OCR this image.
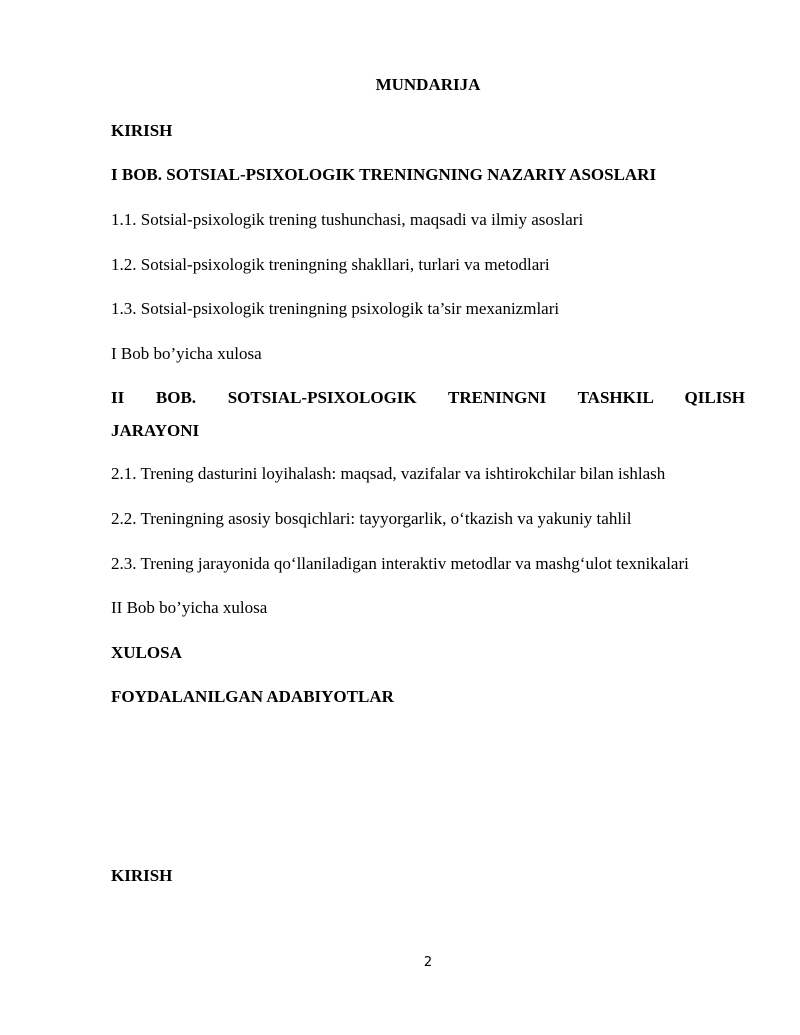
MUNDARIJA
KIRISH
I BOB. SOTSIAL-PSIXOLOGIK TRENINGNING NAZARIY ASOSLARI
1.1. Sotsial-psixologik trening tushunchasi, maqsadi va ilmiy asoslari
1.2. Sotsial-psixologik treningning shakllari, turlari va metodlari
1.3. Sotsial-psixologik treningning psixologik ta’sir mexanizmlari
I Bob bo’yicha xulosa
II BOB. SOTSIAL-PSIXOLOGIK TRENINGNI TASHKIL QILISH
JARAYONI
2.1. Trening dasturini loyihalash: maqsad, vazifalar va ishtirokchilar bilan ishlash
2.2. Treningning asosiy bosqichlari: tayyorgarlik, o‘tkazish va yakuniy tahlil
2.3. Trening jarayonida qo‘llaniladigan interaktiv metodlar va mashg‘ulot texnikalari
II Bob bo’yicha xulosa
XULOSA
FOYDALANILGAN ADABIYOTLAR
KIRISH
2
